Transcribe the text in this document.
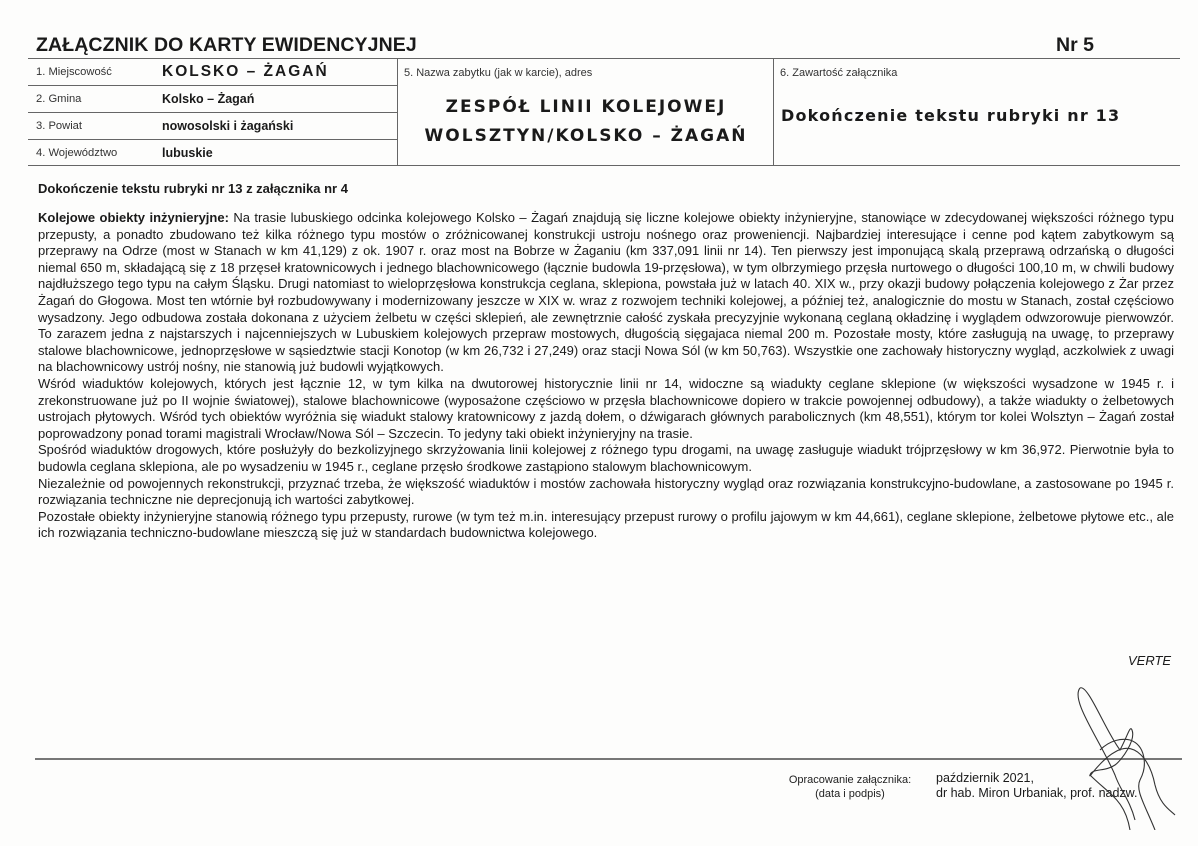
ZAŁĄCZNIK DO KARTY EWIDENCYJNEJ	Nr 5
1. Miejscowość	KOLSKO – ŻAGAŃ
2. Gmina	Kolsko – Żagań
3. Powiat	nowosolski i żagański
4. Województwo	lubuskie
5. Nazwa zabytku (jak w karcie), adres
ZESPÓŁ LINII KOLEJOWEJ
WOLSZTYN/KOLSKO – ŻAGAŃ
6. Zawartość załącznika
Dokończenie tekstu rubryki nr 13
Dokończenie tekstu rubryki nr 13 z załącznika nr 4

Kolejowe obiekty inżynieryjne: Na trasie lubuskiego odcinka kolejowego Kolsko – Żagań znajdują się liczne kolejowe obiekty inżynieryjne, stanowiące w zdecydowanej większości różnego typu przepusty, a ponadto zbudowano też kilka różnego typu mostów o zróżnicowanej konstrukcji ustroju nośnego oraz proweniencji. Najbardziej interesujące i cenne pod kątem zabytkowym są przeprawy na Odrze (most w Stanach w km 41,129) z ok. 1907 r. oraz most na Bobrze w Żaganiu (km 337,091 linii nr 14). Ten pierwszy jest imponującą skalą przeprawą odrzańską o długości niemal 650 m, składającą się z 18 przęseł kratownicowych i jednego blachownicowego (łącznie budowla 19-przęsłowa), w tym olbrzymiego przęsła nurtowego o długości 100,10 m, w chwili budowy najdłuższego tego typu na całym Śląsku. Drugi natomiast to wieloprzęsłowa konstrukcja ceglana, sklepiona, powstała już w latach 40. XIX w., przy okazji budowy połączenia kolejowego z Żar przez Żagań do Głogowa. Most ten wtórnie był rozbudowywany i modernizowany jeszcze w XIX w. wraz z rozwojem techniki kolejowej, a później też, analogicznie do mostu w Stanach, został częściowo wysadzony. Jego odbudowa została dokonana z użyciem żelbetu w części sklepień, ale zewnętrznie całość zyskała precyzyjnie wykonaną ceglaną okładzinę i wyglądem odwzorowuje pierwowzór. To zarazem jedna z najstarszych i najcenniejszych w Lubuskiem kolejowych przepraw mostowych, długością sięgajaca niemal 200 m. Pozostałe mosty, które zasługują na uwagę, to przeprawy stalowe blachownicowe, jednoprzęsłowe w sąsiedztwie stacji Konotop (w km 26,732 i 27,249) oraz stacji Nowa Sól (w km 50,763). Wszystkie one zachowały historyczny wygląd, aczkolwiek z uwagi na blachownicowy ustrój nośny, nie stanowią już budowli wyjątkowych.

Wśród wiaduktów kolejowych, których jest łącznie 12, w tym kilka na dwutorowej historycznie linii nr 14, widoczne są wiadukty ceglane sklepione (w większości wysadzone w 1945 r. i zrekonstruowane już po II wojnie światowej), stalowe blachownicowe (wyposażone częściowo w przęsła blachownicowe dopiero w trakcie powojennej odbudowy), a także wiadukty o żelbetowych ustrojach płytowych. Wśród tych obiektów wyróżnia się wiadukt stalowy kratownicowy z jazdą dołem, o dźwigarach głównych parabolicznych (km 48,551), którym tor kolei Wolsztyn – Żagań został poprowadzony ponad torami magistrali Wrocław/Nowa Sól – Szczecin. To jedyny taki obiekt inżynieryjny na trasie.

Spośród wiaduktów drogowych, które posłużyły do bezkolizyjnego skrzyżowania linii kolejowej z różnego typu drogami, na uwagę zasługuje wiadukt trójprzęsłowy w km 36,972. Pierwotnie była to budowla ceglana sklepiona, ale po wysadzeniu w 1945 r., ceglane przęsło środkowe zastąpiono stalowym blachownicowym.

Niezależnie od powojennych rekonstrukcji, przyznać trzeba, że większość wiaduktów i mostów zachowała historyczny wygląd oraz rozwiązania konstrukcyjno-budowlane, a zastosowane po 1945 r. rozwiązania techniczne nie deprecjonują ich wartości zabytkowej.

Pozostałe obiekty inżynieryjne stanowią różnego typu przepusty, rurowe (w tym też m.in. interesujący przepust rurowy o profilu jajowym w km 44,661), ceglane sklepione, żelbetowe płytowe etc., ale ich rozwiązania techniczno-budowlane mieszczą się już w standardach budownictwa kolejowego.

VERTE
Opracowanie załącznika:
(data i podpis)
październik 2021,
dr hab. Miron Urbaniak, prof. nadzw.
